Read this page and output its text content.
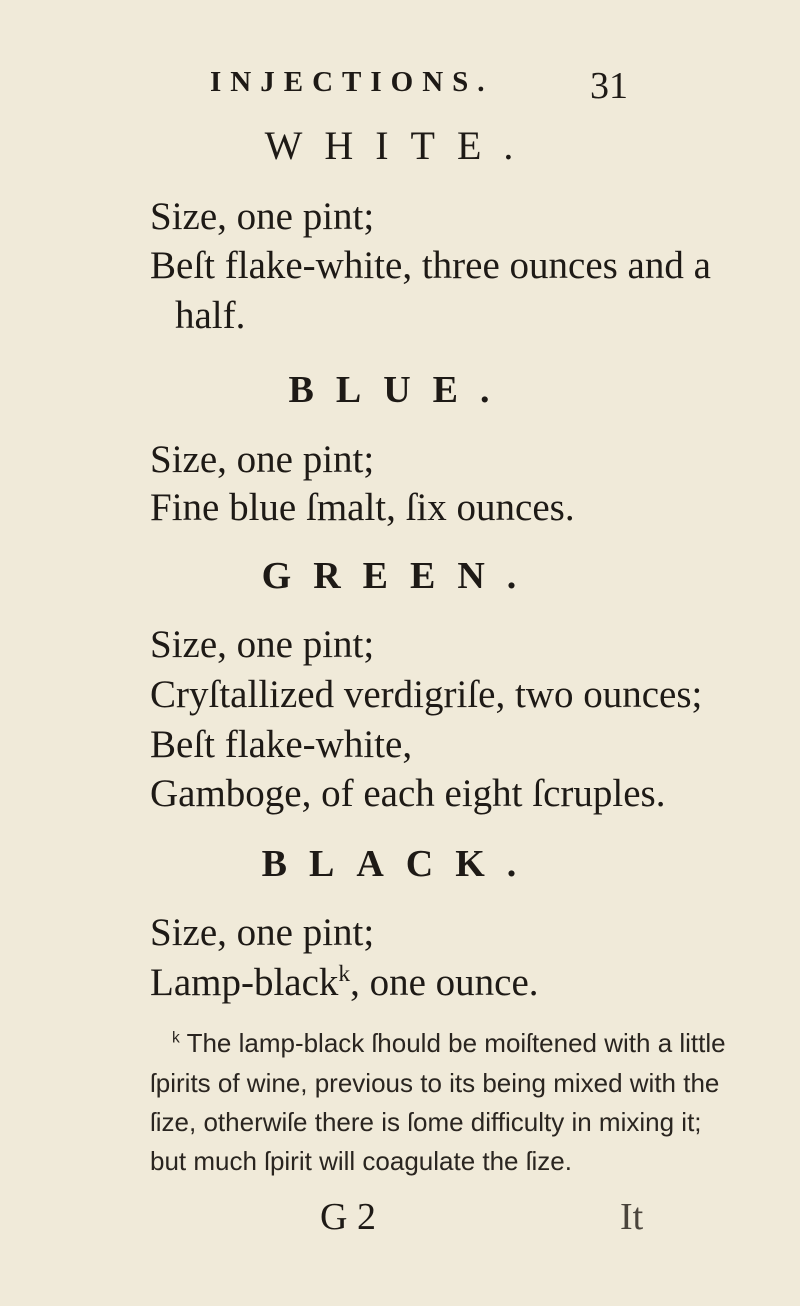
INJECTIONS.	31
WHITE.
Size, one pint;
Beſt flake-white, three ounces and a
half.
BLUE.
Size, one pint;
Fine blue ſmalt, ſix ounces.
GREEN.
Size, one pint;
Cryſtallized verdigriſe, two ounces;
Beſt flake-white,
Gamboge, of each eight ſcruples.
BLACK.
Size, one pint;
Lamp-black$^k$, one ounce.
$^k$ The lamp-black ſhould be moiſtened with a little
ſpirits of wine, previous to its being mixed with the
ſize, otherwiſe there is ſome difficulty in mixing it;
but much ſpirit will coagulate the ſize.
G 2	It
